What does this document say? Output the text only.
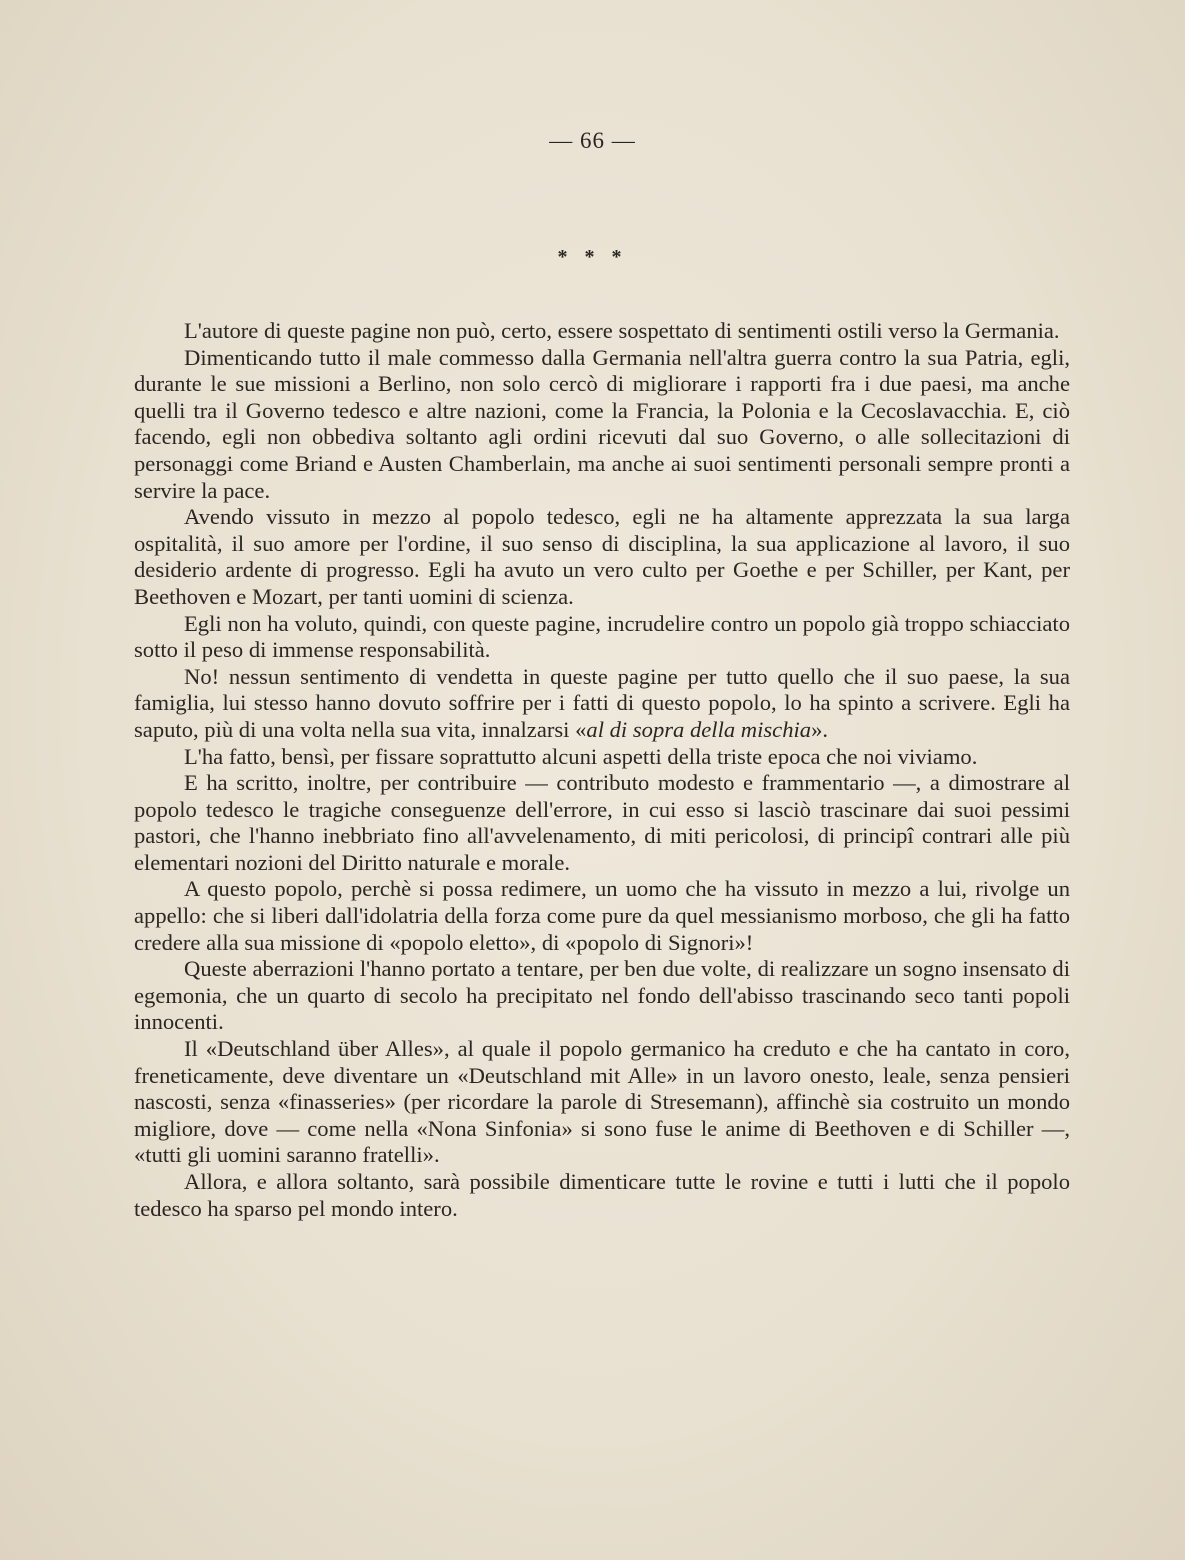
— 66 —
* * *

L'autore di queste pagine non può, certo, essere sospettato di sentimenti ostili verso la Germania.

Dimenticando tutto il male commesso dalla Germania nell'altra guerra contro la sua Patria, egli, durante le sue missioni a Berlino, non solo cercò di migliorare i rapporti fra i due paesi, ma anche quelli tra il Governo tedesco e altre nazioni, come la Francia, la Polonia e la Cecoslavacchia. E, ciò facendo, egli non obbediva soltanto agli ordini ricevuti dal suo Governo, o alle sollecitazioni di personaggi come Briand e Austen Chamberlain, ma anche ai suoi sentimenti personali sempre pronti a servire la pace.

Avendo vissuto in mezzo al popolo tedesco, egli ne ha altamente apprezzata la sua larga ospitalità, il suo amore per l'ordine, il suo senso di disciplina, la sua applicazione al lavoro, il suo desiderio ardente di progresso. Egli ha avuto un vero culto per Goethe e per Schiller, per Kant, per Beethoven e Mozart, per tanti uomini di scienza.

Egli non ha voluto, quindi, con queste pagine, incrudelire contro un popolo già troppo schiacciato sotto il peso di immense responsabilità.

No! nessun sentimento di vendetta in queste pagine per tutto quello che il suo paese, la sua famiglia, lui stesso hanno dovuto soffrire per i fatti di questo popolo, lo ha spinto a scrivere. Egli ha saputo, più di una volta nella sua vita, innalzarsi «al di sopra della mischia».

L'ha fatto, bensì, per fissare soprattutto alcuni aspetti della triste epoca che noi viviamo.

E ha scritto, inoltre, per contribuire — contributo modesto e frammentario —, a dimostrare al popolo tedesco le tragiche conseguenze dell'errore, in cui esso si lasciò trascinare dai suoi pessimi pastori, che l'hanno inebbriato fino all'avvelenamento, di miti pericolosi, di principî contrari alle più elementari nozioni del Diritto naturale e morale.

A questo popolo, perchè si possa redimere, un uomo che ha vissuto in mezzo a lui, rivolge un appello: che si liberi dall'idolatria della forza come pure da quel messianismo morboso, che gli ha fatto credere alla sua missione di «popolo eletto», di «popolo di Signori»!

Queste aberrazioni l'hanno portato a tentare, per ben due volte, di realizzare un sogno insensato di egemonia, che un quarto di secolo ha precipitato nel fondo dell'abisso trascinando seco tanti popoli innocenti.

Il «Deutschland über Alles», al quale il popolo germanico ha creduto e che ha cantato in coro, freneticamente, deve diventare un «Deutschland mit Alle» in un lavoro onesto, leale, senza pensieri nascosti, senza «finasseries» (per ricordare la parole di Stresemann), affinchè sia costruito un mondo migliore, dove — come nella «Nona Sinfonia» si sono fuse le anime di Beethoven e di Schiller —, «tutti gli uomini saranno fratelli».

Allora, e allora soltanto, sarà possibile dimenticare tutte le rovine e tutti i lutti che il popolo tedesco ha sparso pel mondo intero.
